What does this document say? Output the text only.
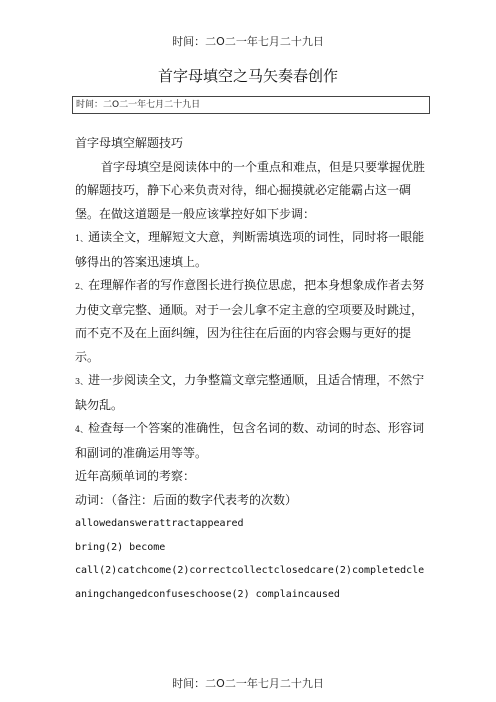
时间：二O二一年七月二十九日
首字母填空之马矢奏春创作
时间：二O二一年七月二十九日

首字母填空解题技巧

首字母填空是阅读体中的一个重点和难点，但是只要掌握优胜的解题技巧，静下心来负责对待，细心掘摸就必定能霸占这一碉堡。在做这道题是一般应该掌控好如下步调：

1、通读全文，理解短文大意，判断需填选项的词性，同时将一眼能够得出的答案迅速填上。

2、在理解作者的写作意图长进行换位思虑，把本身想象成作者去努力使文章完整、通顺。对于一会儿拿不定主意的空项要及时跳过，而不克不及在上面纠缠，因为往往在后面的内容会赐与更好的提示。

3、进一步阅读全文，力争整篇文章完整通顺，且适合情理，不然宁缺勿乱。

4、检查每一个答案的准确性，包含名词的数、动词的时态、形容词和副词的准确运用等等。

近年高频单词的考察：

动词：（备注：后面的数字代表考的次数）

allowedanswerattractappeared

bring(2) become

call(2)catchcome(2)correctcollectclosedcare(2)completedcleaningchangedconfuseschoose(2) complaincaused

时间：二O二一年七月二十九日
